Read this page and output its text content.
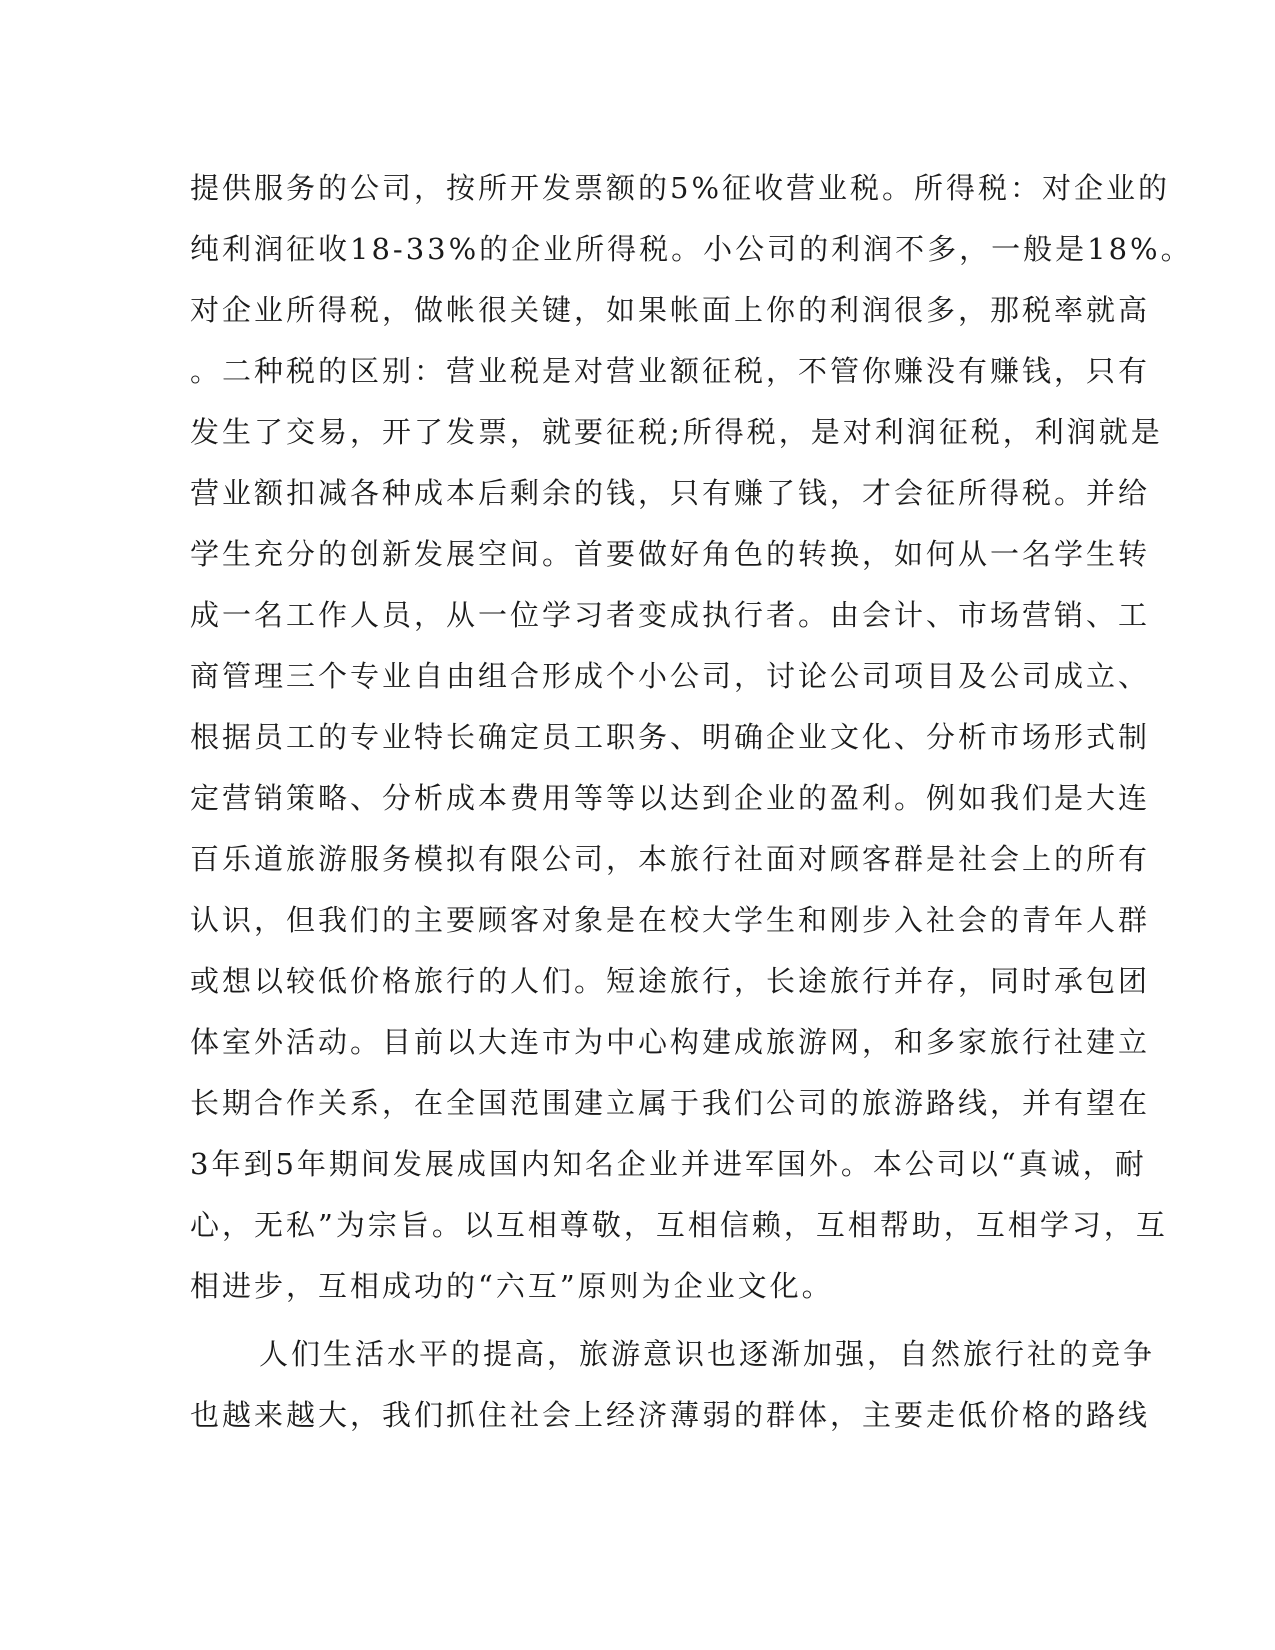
提供服务的公司，按所开发票额的5%征收营业税。所得税：对企业的
纯利润征收18-33%的企业所得税。小公司的利润不多，一般是18%。
对企业所得税，做帐很关键，如果帐面上你的利润很多，那税率就高
。二种税的区别：营业税是对营业额征税，不管你赚没有赚钱，只有
发生了交易，开了发票，就要征税;所得税，是对利润征税，利润就是
营业额扣减各种成本后剩余的钱，只有赚了钱，才会征所得税。并给
学生充分的创新发展空间。首要做好角色的转换，如何从一名学生转
成一名工作人员，从一位学习者变成执行者。由会计、市场营销、工
商管理三个专业自由组合形成个小公司，讨论公司项目及公司成立、
根据员工的专业特长确定员工职务、明确企业文化、分析市场形式制
定营销策略、分析成本费用等等以达到企业的盈利。例如我们是大连
百乐道旅游服务模拟有限公司，本旅行社面对顾客群是社会上的所有
认识，但我们的主要顾客对象是在校大学生和刚步入社会的青年人群
或想以较低价格旅行的人们。短途旅行，长途旅行并存，同时承包团
体室外活动。目前以大连市为中心构建成旅游网，和多家旅行社建立
长期合作关系，在全国范围建立属于我们公司的旅游路线，并有望在
3年到5年期间发展成国内知名企业并进军国外。本公司以“真诚，耐
心，无私”为宗旨。以互相尊敬，互相信赖，互相帮助，互相学习，互
相进步，互相成功的“六互”原则为企业文化。
人们生活水平的提高，旅游意识也逐渐加强，自然旅行社的竞争
也越来越大，我们抓住社会上经济薄弱的群体，主要走低价格的路线
